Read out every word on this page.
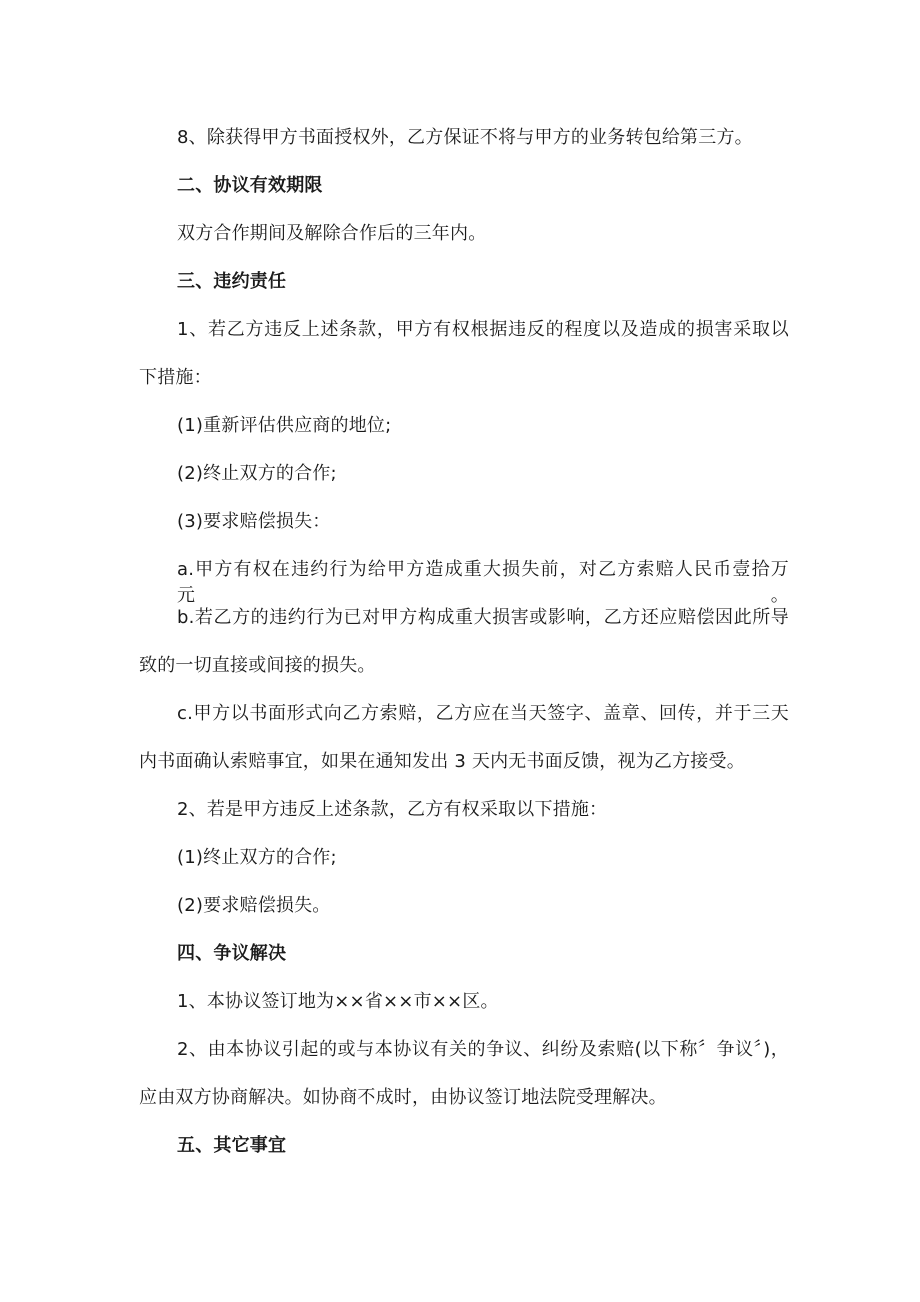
8、除获得甲方书面授权外，乙方保证不将与甲方的业务转包给第三方。
二、协议有效期限
双方合作期间及解除合作后的三年内。
三、违约责任
1、若乙方违反上述条款，甲方有权根据违反的程度以及造成的损害采取以
下措施：
(1)重新评估供应商的地位;
(2)终止双方的合作;
(3)要求赔偿损失：
a.甲方有权在违约行为给甲方造成重大损失前，对乙方索赔人民币壹拾万元。
b.若乙方的违约行为已对甲方构成重大损害或影响，乙方还应赔偿因此所导
致的一切直接或间接的损失。
c.甲方以书面形式向乙方索赔，乙方应在当天签字、盖章、回传，并于三天
内书面确认索赔事宜，如果在通知发出 3 天内无书面反馈，视为乙方接受。
2、若是甲方违反上述条款，乙方有权采取以下措施：
(1)终止双方的合作;
(2)要求赔偿损失。
四、争议解决
1、本协议签订地为××省××市××区。
2、由本协议引起的或与本协议有关的争议、纠纷及索赔(以下称〞争议〞)，
应由双方协商解决。如协商不成时，由协议签订地法院受理解决。
五、其它事宜
